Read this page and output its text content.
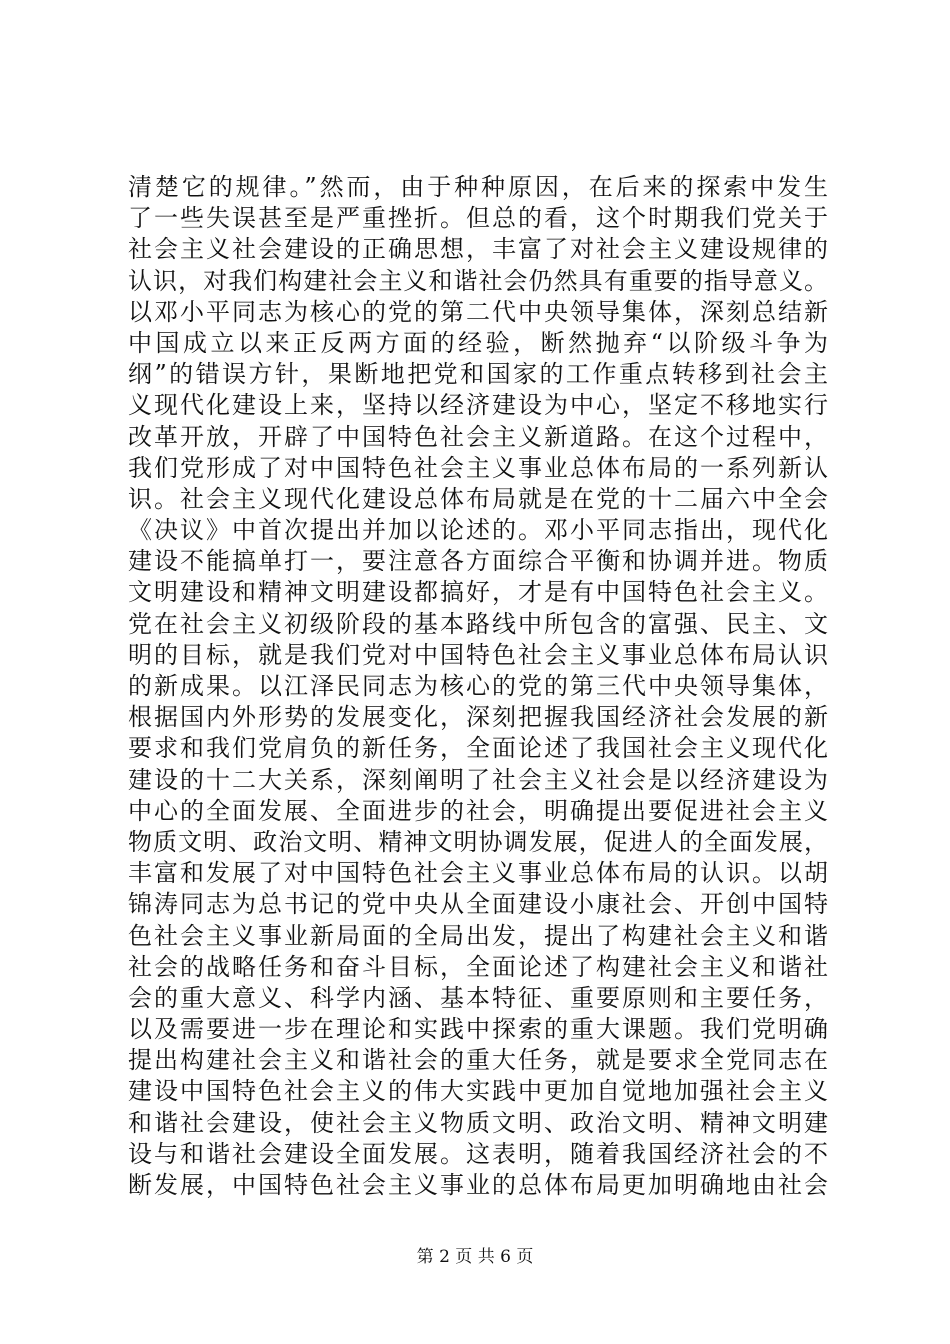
清楚它的规律。”然而，由于种种原因，在后来的探索中发生
了一些失误甚至是严重挫折。但总的看，这个时期我们党关于
社会主义社会建设的正确思想，丰富了对社会主义建设规律的
认识，对我们构建社会主义和谐社会仍然具有重要的指导意义。
以邓小平同志为核心的党的第二代中央领导集体，深刻总结新
中国成立以来正反两方面的经验，断然抛弃“以阶级斗争为
纲”的错误方针，果断地把党和国家的工作重点转移到社会主
义现代化建设上来，坚持以经济建设为中心，坚定不移地实行
改革开放，开辟了中国特色社会主义新道路。在这个过程中，
我们党形成了对中国特色社会主义事业总体布局的一系列新认
识。社会主义现代化建设总体布局就是在党的十二届六中全会
《决议》中首次提出并加以论述的。邓小平同志指出，现代化
建设不能搞单打一，要注意各方面综合平衡和协调并进。物质
文明建设和精神文明建设都搞好，才是有中国特色社会主义。
党在社会主义初级阶段的基本路线中所包含的富强、民主、文
明的目标，就是我们党对中国特色社会主义事业总体布局认识
的新成果。以江泽民同志为核心的党的第三代中央领导集体，
根据国内外形势的发展变化，深刻把握我国经济社会发展的新
要求和我们党肩负的新任务，全面论述了我国社会主义现代化
建设的十二大关系，深刻阐明了社会主义社会是以经济建设为
中心的全面发展、全面进步的社会，明确提出要促进社会主义
物质文明、政治文明、精神文明协调发展，促进人的全面发展，
丰富和发展了对中国特色社会主义事业总体布局的认识。以胡
锦涛同志为总书记的党中央从全面建设小康社会、开创中国特
色社会主义事业新局面的全局出发，提出了构建社会主义和谐
社会的战略任务和奋斗目标，全面论述了构建社会主义和谐社
会的重大意义、科学内涵、基本特征、重要原则和主要任务，
以及需要进一步在理论和实践中探索的重大课题。我们党明确
提出构建社会主义和谐社会的重大任务，就是要求全党同志在
建设中国特色社会主义的伟大实践中更加自觉地加强社会主义
和谐社会建设，使社会主义物质文明、政治文明、精神文明建
设与和谐社会建设全面发展。这表明，随着我国经济社会的不
断发展，中国特色社会主义事业的总体布局更加明确地由社会
第 2 页 共 6 页
